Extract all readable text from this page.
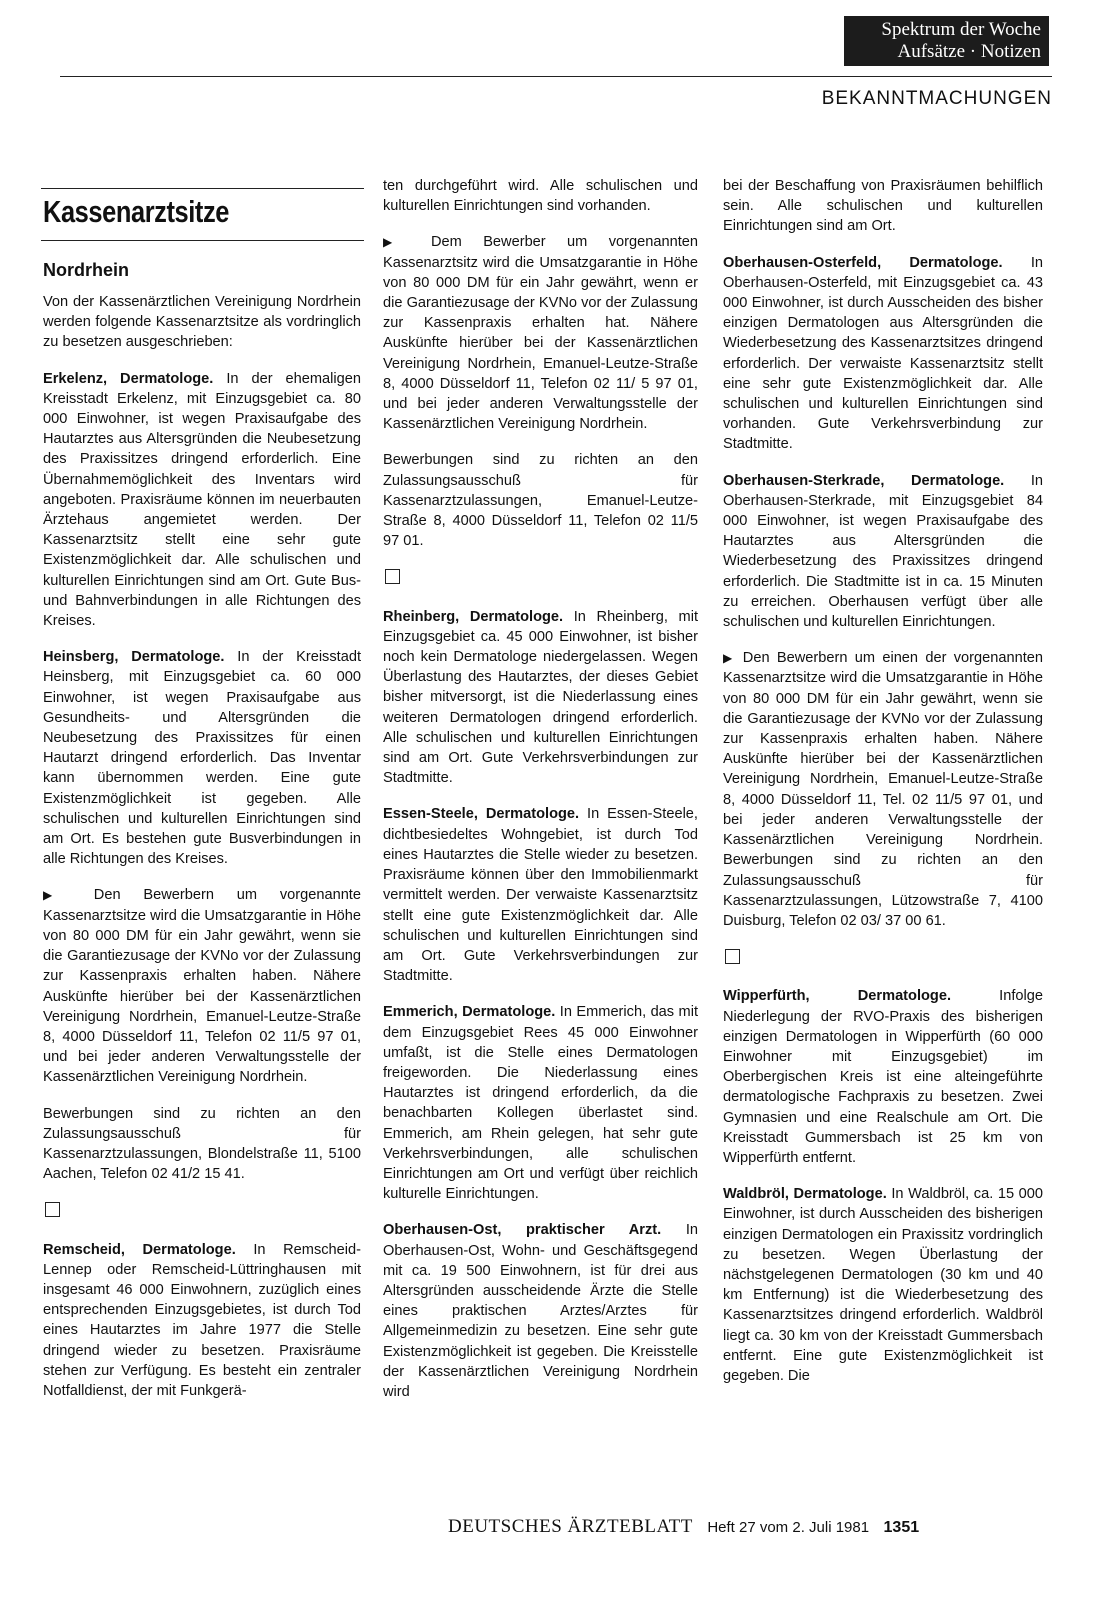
Spektrum der Woche
Aufsätze · Notizen
BEKANNTMACHUNGEN
Kassenarztsitze
Nordrhein

Von der Kassenärztlichen Vereinigung Nordrhein werden folgende Kassenarztsitze als vordringlich zu besetzen ausgeschrieben:

Erkelenz, Dermatologe. In der ehemaligen Kreisstadt Erkelenz, mit Einzugsgebiet ca. 80 000 Einwohner, ist wegen Praxisaufgabe des Hautarztes aus Altersgründen die Neubesetzung des Praxissitzes dringend erforderlich. Eine Übernahmemöglichkeit des Inventars wird angeboten. Praxisräume können im neuerbauten Ärztehaus angemietet werden. Der Kassenarztsitz stellt eine sehr gute Existenzmöglichkeit dar. Alle schulischen und kulturellen Einrichtungen sind am Ort. Gute Bus- und Bahnverbindungen in alle Richtungen des Kreises.

Heinsberg, Dermatologe. In der Kreisstadt Heinsberg, mit Einzugsgebiet ca. 60 000 Einwohner, ist wegen Praxisaufgabe aus Gesundheits- und Altersgründen die Neubesetzung des Praxissitzes für einen Hautarzt dringend erforderlich. Das Inventar kann übernommen werden. Eine gute Existenzmöglichkeit ist gegeben. Alle schulischen und kulturellen Einrichtungen sind am Ort. Es bestehen gute Busverbindungen in alle Richtungen des Kreises.

▶ Den Bewerbern um vorgenannte Kassenarztsitze wird die Umsatzgarantie in Höhe von 80 000 DM für ein Jahr gewährt, wenn sie die Garantiezusage der KVNo vor der Zulassung zur Kassenpraxis erhalten haben. Nähere Auskünfte hierüber bei der Kassenärztlichen Vereinigung Nordrhein, Emanuel-Leutze-Straße 8, 4000 Düsseldorf 11, Telefon 02 11/5 97 01, und bei jeder anderen Verwaltungsstelle der Kassenärztlichen Vereinigung Nordrhein.

Bewerbungen sind zu richten an den Zulassungsausschuß für Kassenarztzulassungen, Blondelstraße 11, 5100 Aachen, Telefon 02 41/2 15 41.

Remscheid, Dermatologe. In Remscheid-Lennep oder Remscheid-Lüttringhausen mit insgesamt 46 000 Einwohnern, zuzüglich eines entsprechenden Einzugsgebietes, ist durch Tod eines Hautarztes im Jahre 1977 die Stelle dringend wieder zu besetzen. Praxisräume stehen zur Verfügung. Es besteht ein zentraler Notfalldienst, der mit Funkgerä-

ten durchgeführt wird. Alle schulischen und kulturellen Einrichtungen sind vorhanden.

▶ Dem Bewerber um vorgenannten Kassenarztsitz wird die Umsatzgarantie in Höhe von 80 000 DM für ein Jahr gewährt, wenn er die Garantiezusage der KVNo vor der Zulassung zur Kassenpraxis erhalten hat. Nähere Auskünfte hierüber bei der Kassenärztlichen Vereinigung Nordrhein, Emanuel-Leutze-Straße 8, 4000 Düsseldorf 11, Telefon 02 11/ 5 97 01, und bei jeder anderen Verwaltungsstelle der Kassenärztlichen Vereinigung Nordrhein.

Bewerbungen sind zu richten an den Zulassungsausschuß für Kassenarztzulassungen, Emanuel-Leutze-Straße 8, 4000 Düsseldorf 11, Telefon 02 11/5 97 01.

Rheinberg, Dermatologe. In Rheinberg, mit Einzugsgebiet ca. 45 000 Einwohner, ist bisher noch kein Dermatologe niedergelassen. Wegen Überlastung des Hautarztes, der dieses Gebiet bisher mitversorgt, ist die Niederlassung eines weiteren Dermatologen dringend erforderlich. Alle schulischen und kulturellen Einrichtungen sind am Ort. Gute Verkehrsverbindungen zur Stadtmitte.

Essen-Steele, Dermatologe. In Essen-Steele, dichtbesiedeltes Wohngebiet, ist durch Tod eines Hautarztes die Stelle wieder zu besetzen. Praxisräume können über den Immobilienmarkt vermittelt werden. Der verwaiste Kassenarztsitz stellt eine gute Existenzmöglichkeit dar. Alle schulischen und kulturellen Einrichtungen sind am Ort. Gute Verkehrsverbindungen zur Stadtmitte.

Emmerich, Dermatologe. In Emmerich, das mit dem Einzugsgebiet Rees 45 000 Einwohner umfaßt, ist die Stelle eines Dermatologen freigeworden. Die Niederlassung eines Hautarztes ist dringend erforderlich, da die benachbarten Kollegen überlastet sind. Emmerich, am Rhein gelegen, hat sehr gute Verkehrsverbindungen, alle schulischen Einrichtungen am Ort und verfügt über reichlich kulturelle Einrichtungen.

Oberhausen-Ost, praktischer Arzt. In Oberhausen-Ost, Wohn- und Geschäftsgegend mit ca. 19 500 Einwohnern, ist für drei aus Altersgründen ausscheidende Ärzte die Stelle eines praktischen Arztes/Arztes für Allgemeinmedizin zu besetzen. Eine sehr gute Existenzmöglichkeit ist gegeben. Die Kreisstelle der Kassenärztlichen Vereinigung Nordrhein wird

bei der Beschaffung von Praxisräumen behilflich sein. Alle schulischen und kulturellen Einrichtungen sind am Ort.

Oberhausen-Osterfeld, Dermatologe. In Oberhausen-Osterfeld, mit Einzugsgebiet ca. 43 000 Einwohner, ist durch Ausscheiden des bisher einzigen Dermatologen aus Altersgründen die Wiederbesetzung des Kassenarztsitzes dringend erforderlich. Der verwaiste Kassenarztsitz stellt eine sehr gute Existenzmöglichkeit dar. Alle schulischen und kulturellen Einrichtungen sind vorhanden. Gute Verkehrsverbindung zur Stadtmitte.

Oberhausen-Sterkrade, Dermatologe. In Oberhausen-Sterkrade, mit Einzugsgebiet 84 000 Einwohner, ist wegen Praxisaufgabe des Hautarztes aus Altersgründen die Wiederbesetzung des Praxissitzes dringend erforderlich. Die Stadtmitte ist in ca. 15 Minuten zu erreichen. Oberhausen verfügt über alle schulischen und kulturellen Einrichtungen.

▶ Den Bewerbern um einen der vorgenannten Kassenarztsitze wird die Umsatzgarantie in Höhe von 80 000 DM für ein Jahr gewährt, wenn sie die Garantiezusage der KVNo vor der Zulassung zur Kassenpraxis erhalten haben. Nähere Auskünfte hierüber bei der Kassenärztlichen Vereinigung Nordrhein, Emanuel-Leutze-Straße 8, 4000 Düsseldorf 11, Tel. 02 11/5 97 01, und bei jeder anderen Verwaltungsstelle der Kassenärztlichen Vereinigung Nordrhein. Bewerbungen sind zu richten an den Zulassungsausschuß für Kassenarztzulassungen, Lützowstraße 7, 4100 Duisburg, Telefon 02 03/ 37 00 61.

Wipperfürth, Dermatologe.	Infolge Niederlegung der RVO-Praxis des bisherigen einzigen Dermatologen in Wipperfürth (60 000 Einwohner mit Einzugsgebiet) im Oberbergischen Kreis ist eine alteingeführte dermatologische Fachpraxis zu besetzen. Zwei Gymnasien und eine Realschule am Ort. Die Kreisstadt Gummersbach ist 25 km von Wipperfürth entfernt.

Waldbröl, Dermatologe. In Waldbröl, ca. 15 000 Einwohner, ist durch Ausscheiden des bisherigen einzigen Dermatologen ein Praxissitz vordringlich zu besetzen. Wegen Überlastung der nächstgelegenen Dermatologen (30 km und 40 km Entfernung) ist die Wiederbesetzung des Kassenarztsitzes dringend erforderlich. Waldbröl liegt ca. 30 km von der Kreisstadt Gummersbach entfernt. Eine gute Existenzmöglichkeit ist gegeben. Die

DEUTSCHES ÄRZTEBLATT Heft 27 vom 2. Juli 1981 1351
